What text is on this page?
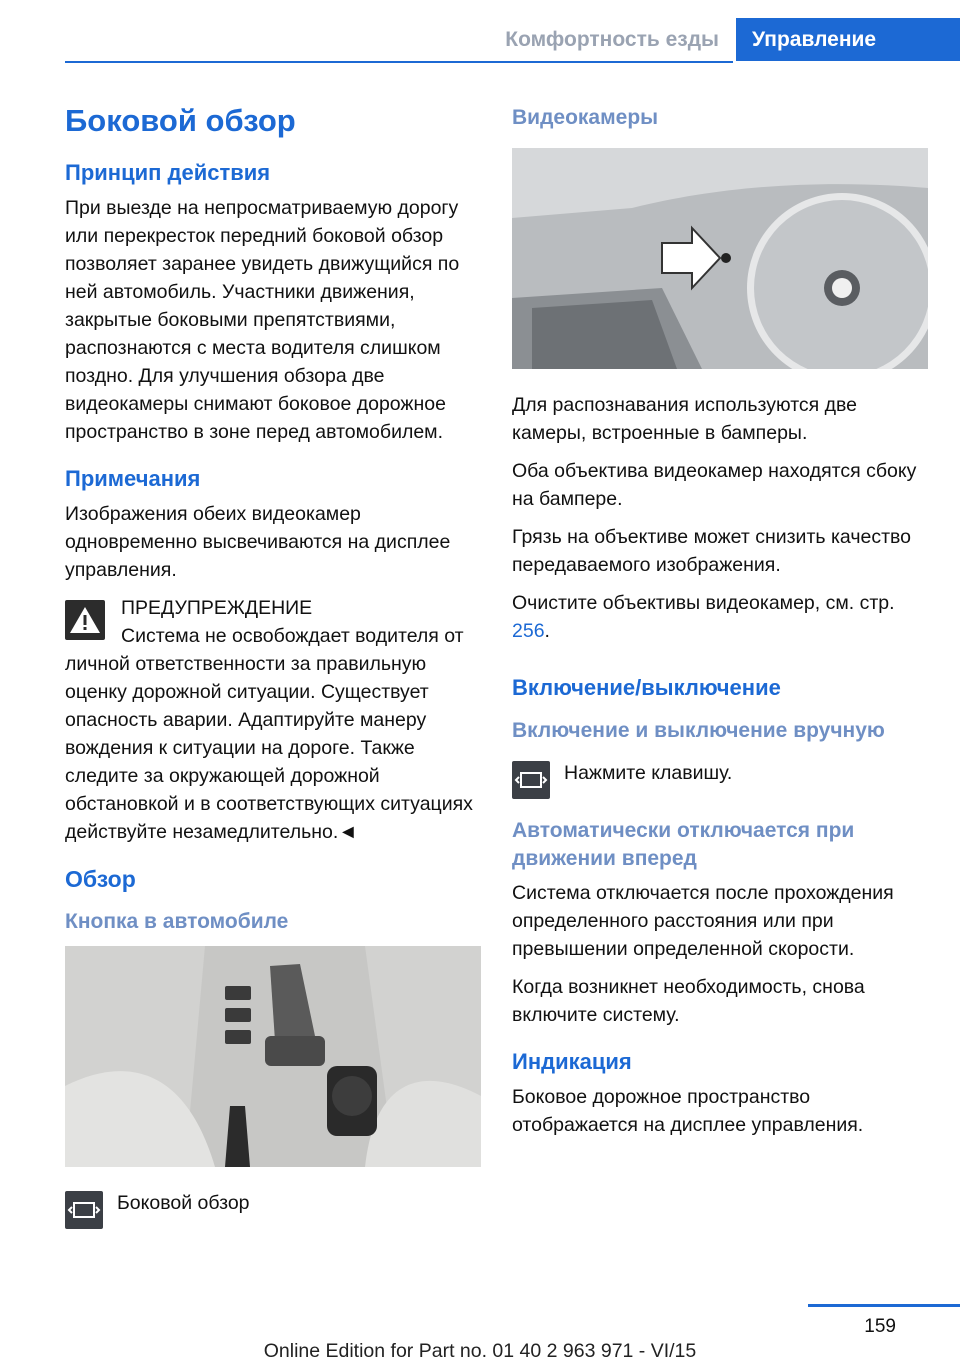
Комфортность езды	Управление
Боковой обзор
Принцип действия

При выезде на непросматриваемую дорогу или перекресток передний боковой обзор позволяет заранее увидеть движущийся по ней автомобиль. Участники движения, закрытые боковыми препятствиями, распознаются с места водителя слишком поздно. Для улучшения обзора две видеокамеры снимают боковое дорожное пространство в зоне перед автомобилем.

Примечания

Изображения обеих видеокамер одновременно высвечиваются на дисплее управления.

ПРЕДУПРЕЖДЕНИЕ

Система не освобождает водителя от

личной ответственности за правильную оценку дорожной ситуации. Существует опасность аварии. Адаптируйте манеру вождения к ситуации на дороге. Также следите за окружающей дорожной обстановкой и в соответствующих ситуациях действуйте незамедлительно.◄

Обзор
Кнопка в автомобиле

Боковой обзор

Видеокамеры

Для распознавания используются две камеры, встроенные в бамперы.

Оба объектива видеокамер находятся сбоку на бампере.

Грязь на объективе может снизить качество передаваемого изображения.

Очистите объективы видеокамер, см. стр. 256.

Включение/выключение
Включение и выключение вручную

Нажмите клавишу.

Автоматически отключается при движении вперед

Система отключается после прохождения определенного расстояния или при превышении определенной скорости.

Когда возникнет необходимость, снова включите систему.

Индикация

Боковое дорожное пространство отображается на дисплее управления.

159
Online Edition for Part no. 01 40 2 963 971 - VI/15
